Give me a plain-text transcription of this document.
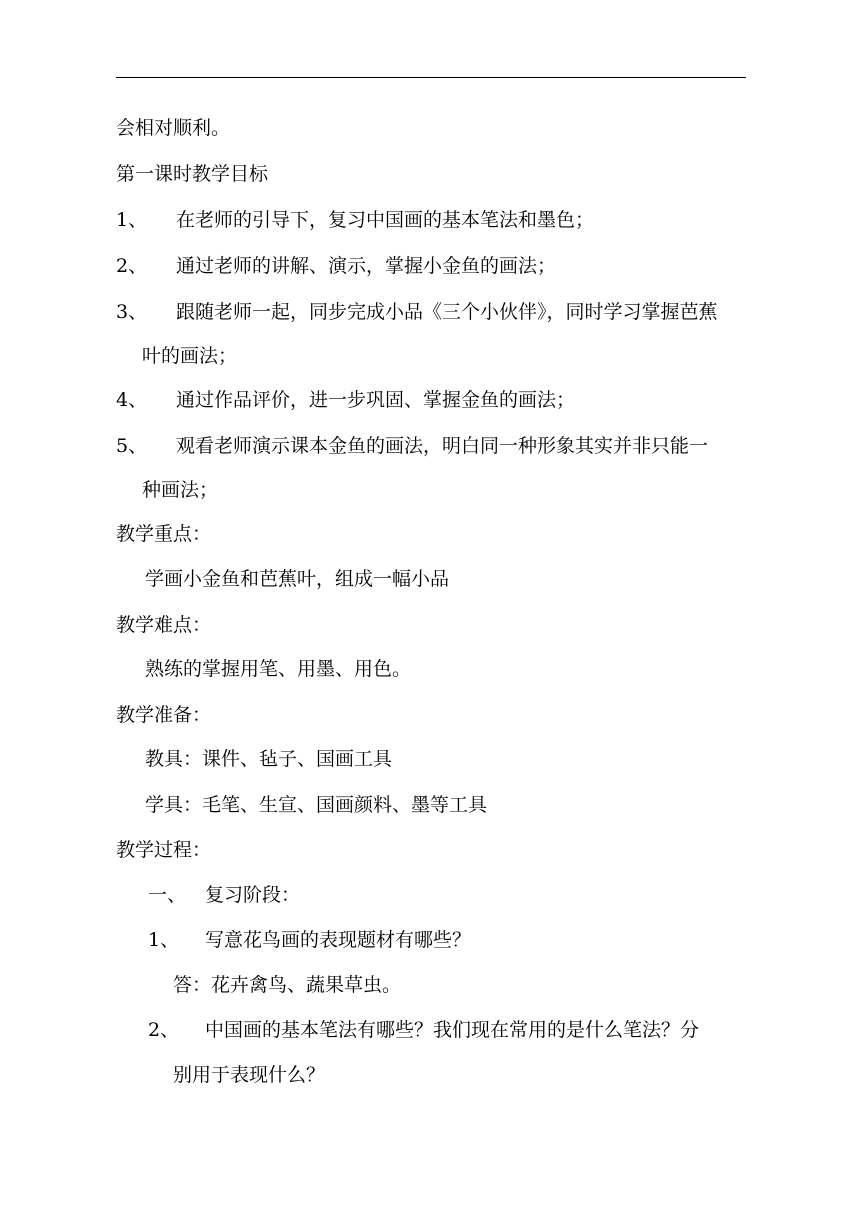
会相对顺利。
第一课时教学目标
1、 在老师的引导下，复习中国画的基本笔法和墨色；
2、 通过老师的讲解、演示，掌握小金鱼的画法；
3、 跟随老师一起，同步完成小品《三个小伙伴》，同时学习掌握芭蕉
叶的画法；
4、 通过作品评价，进一步巩固、掌握金鱼的画法；
5、 观看老师演示课本金鱼的画法，明白同一种形象其实并非只能一
种画法；
教学重点：
学画小金鱼和芭蕉叶，组成一幅小品
教学难点：
熟练的掌握用笔、用墨、用色。
教学准备：
教具：课件、毡子、国画工具
学具：毛笔、生宣、国画颜料、墨等工具
教学过程：
一、 复习阶段：
1、 写意花鸟画的表现题材有哪些？
答：花卉禽鸟、蔬果草虫。
2、 中国画的基本笔法有哪些？我们现在常用的是什么笔法？分
别用于表现什么？
